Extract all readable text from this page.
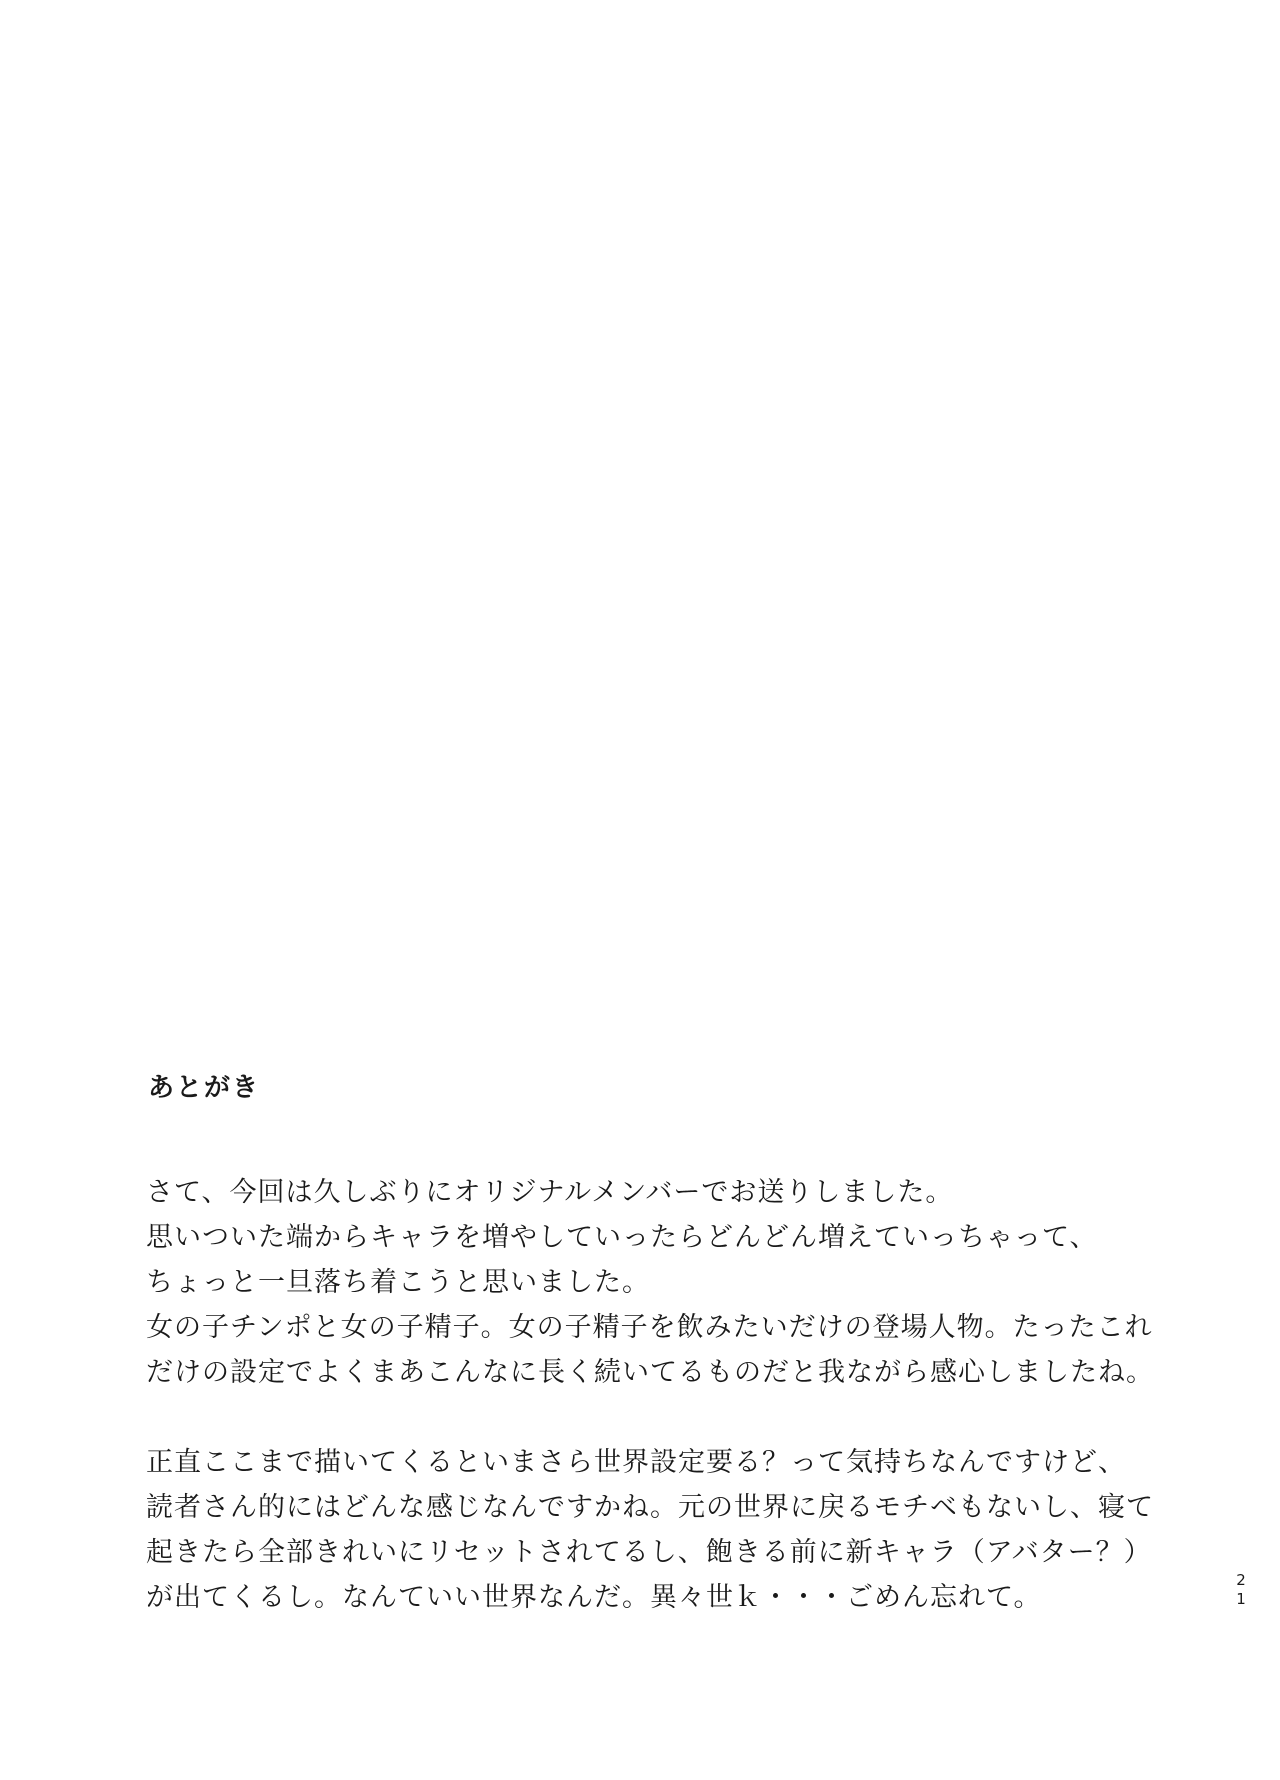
あとがき

さて、今回は久しぶりにオリジナルメンバーでお送りしました。
思いついた端からキャラを増やしていったらどんどん増えていっちゃって、
ちょっと一旦落ち着こうと思いました。
女の子チンポと女の子精子。女の子精子を飲みたいだけの登場人物。たったこれ
だけの設定でよくまあこんなに長く続いてるものだと我ながら感心しましたね。

正直ここまで描いてくるといまさら世界設定要る？って気持ちなんですけど、
読者さん的にはどんな感じなんですかね。元の世界に戻るモチベもないし、寝て
起きたら全部きれいにリセットされてるし、飽きる前に新キャラ（アバター？）
が出てくるし。なんていい世界なんだ。異々世ｋ・・・ごめん忘れて。

2
1
